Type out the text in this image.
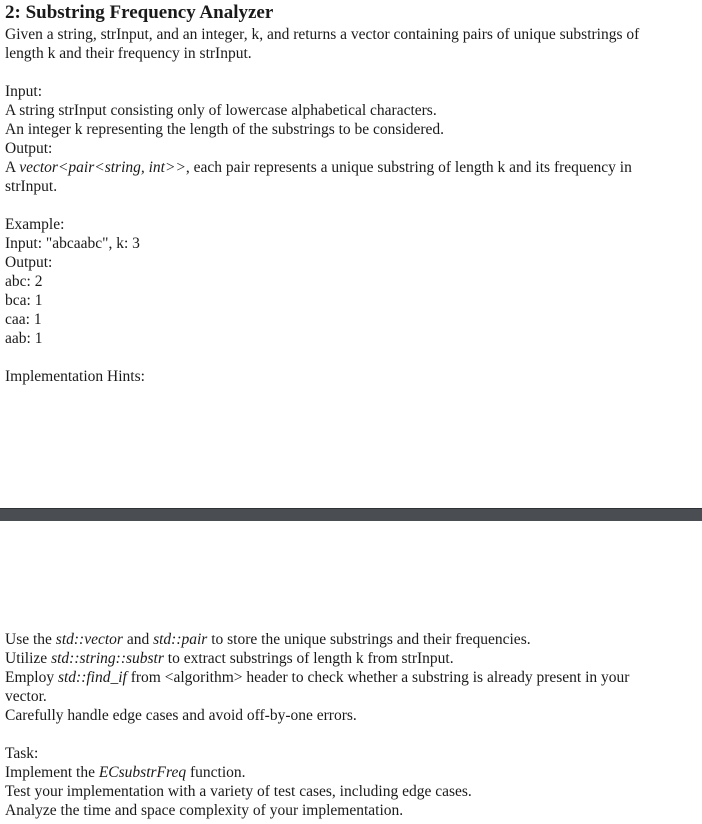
2: Substring Frequency Analyzer

Given a string, strInput, and an integer, k, and returns a vector containing pairs of unique substrings of

length k and their frequency in strInput.

Input:

A string strInput consisting only of lowercase alphabetical characters.

An integer k representing the length of the substrings to be considered.

Output:

A vector<pair<string, int>>, each pair represents a unique substring of length k and its frequency in

strInput.

Example:

Input: "abcaabc", k: 3

Output:

abc: 2

bca: 1

caa: 1

aab: 1

Implementation Hints:

Use the std::vector and std::pair to store the unique substrings and their frequencies.

Utilize std::string::substr to extract substrings of length k from strInput.

Employ std::find_if from <algorithm> header to check whether a substring is already present in your

vector.

Carefully handle edge cases and avoid off-by-one errors.

Task:

Implement the ECsubstrFreq function.

Test your implementation with a variety of test cases, including edge cases.

Analyze the time and space complexity of your implementation.
